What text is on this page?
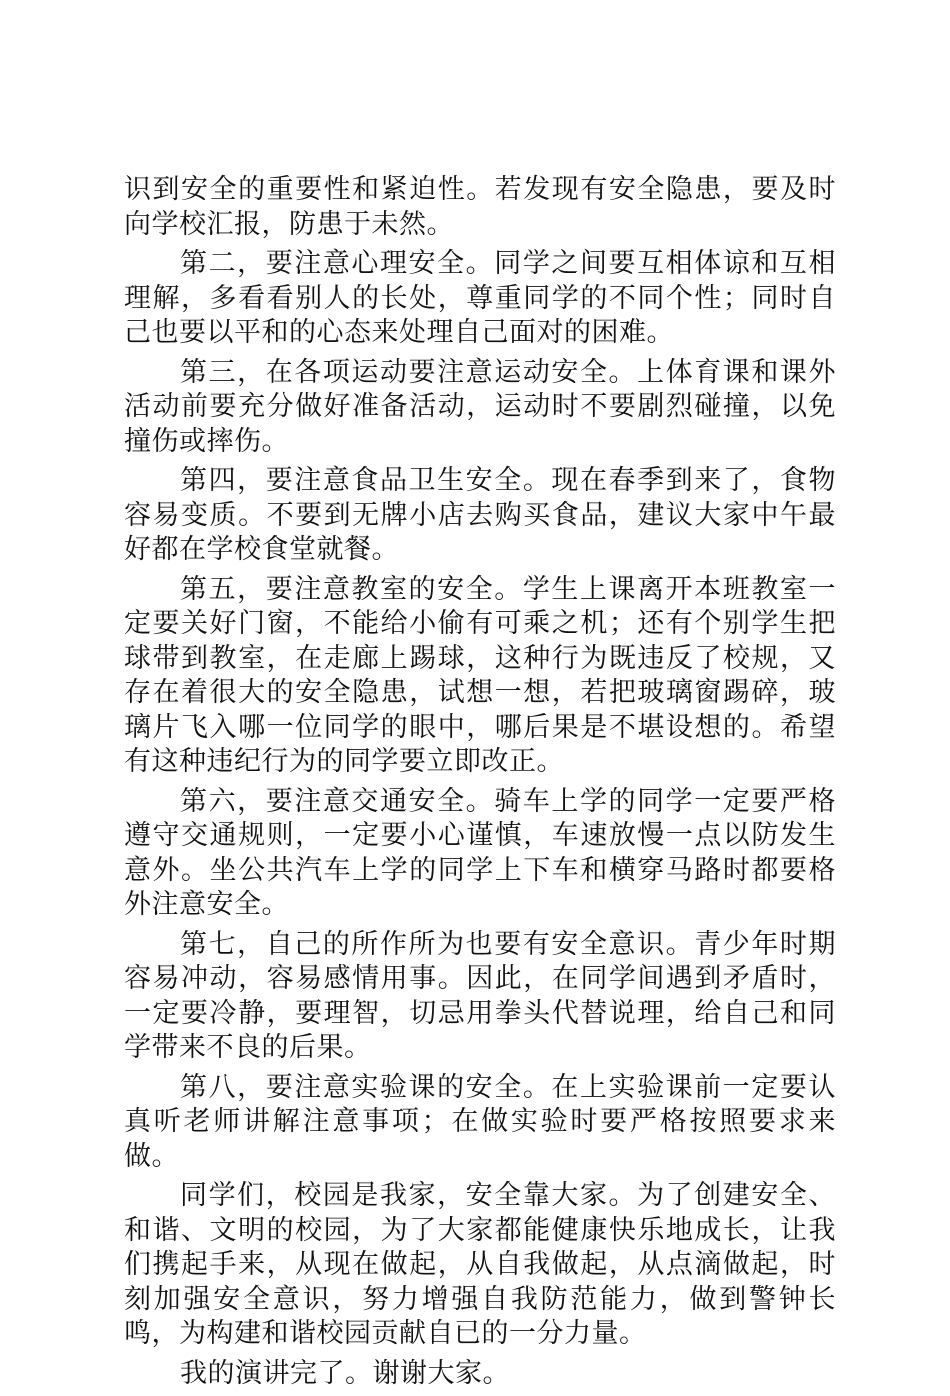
识到安全的重要性和紧迫性。若发现有安全隐患，要及时向学校汇报，防患于未然。

第二，要注意心理安全。同学之间要互相体谅和互相理解，多看看别人的长处，尊重同学的不同个性；同时自己也要以平和的心态来处理自己面对的困难。

第三，在各项运动要注意运动安全。上体育课和课外活动前要充分做好准备活动，运动时不要剧烈碰撞，以免撞伤或摔伤。

第四，要注意食品卫生安全。现在春季到来了，食物容易变质。不要到无牌小店去购买食品，建议大家中午最好都在学校食堂就餐。

第五，要注意教室的安全。学生上课离开本班教室一定要关好门窗，不能给小偷有可乘之机；还有个别学生把球带到教室，在走廊上踢球，这种行为既违反了校规，又存在着很大的安全隐患，试想一想，若把玻璃窗踢碎，玻璃片飞入哪一位同学的眼中，哪后果是不堪设想的。希望有这种违纪行为的同学要立即改正。

第六，要注意交通安全。骑车上学的同学一定要严格遵守交通规则，一定要小心谨慎，车速放慢一点以防发生意外。坐公共汽车上学的同学上下车和横穿马路时都要格外注意安全。

第七，自己的所作所为也要有安全意识。青少年时期容易冲动，容易感情用事。因此，在同学间遇到矛盾时，一定要冷静，要理智，切忌用拳头代替说理，给自己和同学带来不良的后果。

第八，要注意实验课的安全。在上实验课前一定要认真听老师讲解注意事项；在做实验时要严格按照要求来做。

同学们，校园是我家，安全靠大家。为了创建安全、和谐、文明的校园，为了大家都能健康快乐地成长，让我们携起手来，从现在做起，从自我做起，从点滴做起，时刻加强安全意识，努力增强自我防范能力，做到警钟长鸣，为构建和谐校园贡献自已的一分力量。

我的演讲完了。谢谢大家。
